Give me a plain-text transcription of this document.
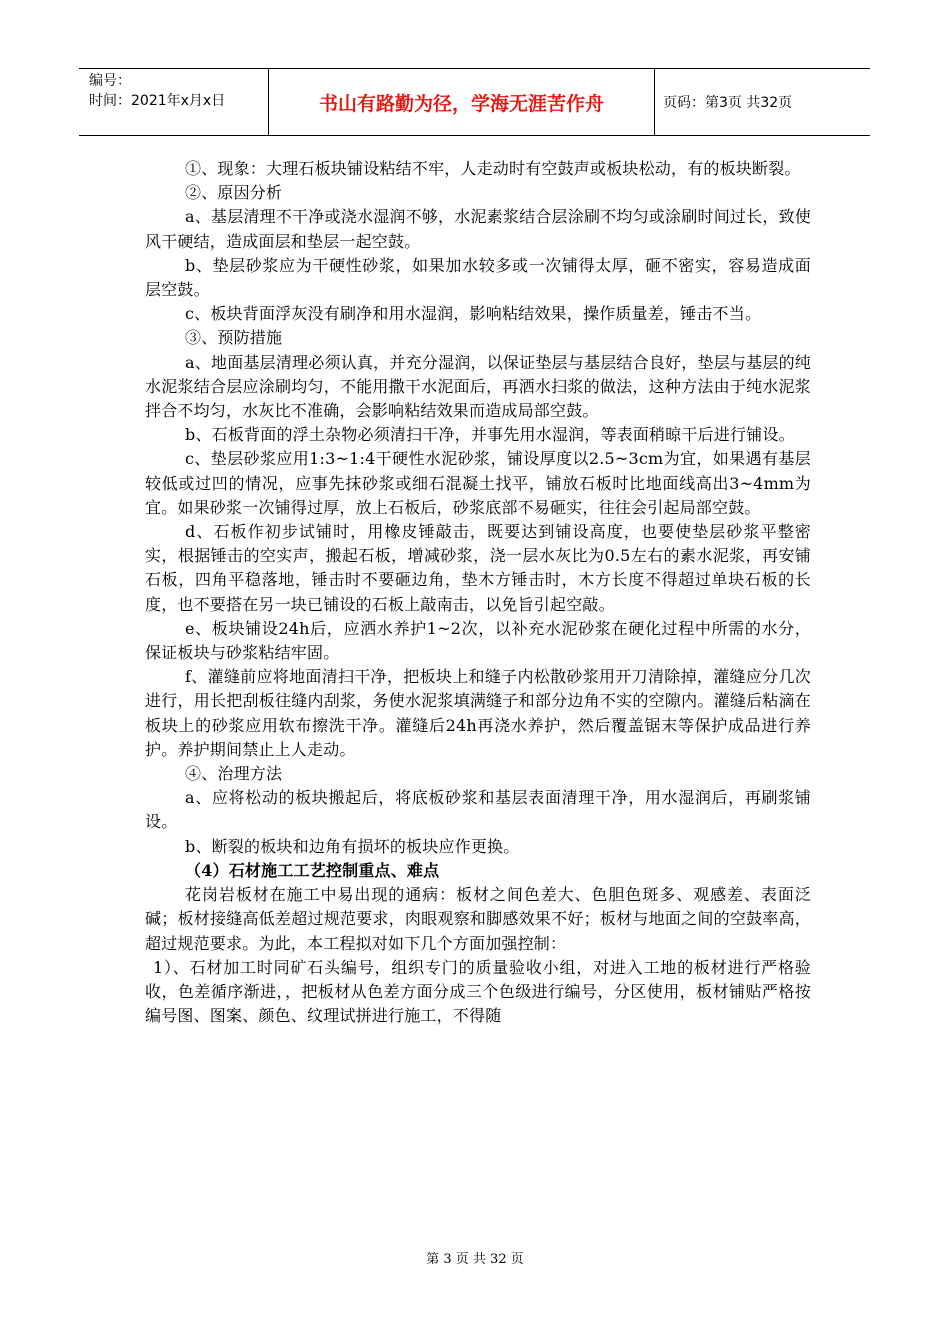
编号：
时间：2021年x月x日	书山有路勤为径，学海无涯苦作舟	页码：第3页 共32页

①、现象：大理石板块铺设粘结不牢，人走动时有空鼓声或板块松动，有的板块断裂。

②、原因分析

a、基层清理不干净或浇水湿润不够，水泥素浆结合层涂刷不均匀或涂刷时间过长，致使风干硬结，造成面层和垫层一起空鼓。

b、垫层砂浆应为干硬性砂浆，如果加水较多或一次铺得太厚，砸不密实，容易造成面层空鼓。

c、板块背面浮灰没有刷净和用水湿润，影响粘结效果，操作质量差，锤击不当。

③、预防措施

a、地面基层清理必须认真，并充分湿润，以保证垫层与基层结合良好，垫层与基层的纯水泥浆结合层应涂刷均匀，不能用撒干水泥面后，再洒水扫浆的做法，这种方法由于纯水泥浆拌合不均匀，水灰比不准确，会影响粘结效果而造成局部空鼓。

b、石板背面的浮土杂物必须清扫干净，并事先用水湿润，等表面稍晾干后进行铺设。

c、垫层砂浆应用1:3~1:4干硬性水泥砂浆，铺设厚度以2.5~3cm为宜，如果遇有基层较低或过凹的情况，应事先抹砂浆或细石混凝土找平，铺放石板时比地面线高出3~4mm为宜。如果砂浆一次铺得过厚，放上石板后，砂浆底部不易砸实，往往会引起局部空鼓。

d、石板作初步试铺时，用橡皮锤敲击，既要达到铺设高度，也要使垫层砂浆平整密实，根据锤击的空实声，搬起石板，增减砂浆，浇一层水灰比为0.5左右的素水泥浆，再安铺石板，四角平稳落地，锤击时不要砸边角，垫木方锤击时，木方长度不得超过单块石板的长度，也不要搭在另一块已铺设的石板上敲南击，以免旨引起空敲。

e、板块铺设24h后，应洒水养护1~2次，以补充水泥砂浆在硬化过程中所需的水分，保证板块与砂浆粘结牢固。

f、灌缝前应将地面清扫干净，把板块上和缝子内松散砂浆用开刀清除掉，灌缝应分几次进行，用长把刮板往缝内刮浆，务使水泥浆填满缝子和部分边角不实的空隙内。灌缝后粘滴在板块上的砂浆应用软布擦洗干净。灌缝后24h再浇水养护，然后覆盖锯末等保护成品进行养护。养护期间禁止上人走动。

④、治理方法

a、应将松动的板块搬起后，将底板砂浆和基层表面清理干净，用水湿润后，再刷浆铺设。

b、断裂的板块和边角有损坏的板块应作更换。

（4）石材施工工艺控制重点、难点

花岗岩板材在施工中易出现的通病：板材之间色差大、色胆色斑多、观感差、表面泛碱；板材接缝高低差超过规范要求，肉眼观察和脚感效果不好；板材与地面之间的空鼓率高，超过规范要求。为此，本工程拟对如下几个方面加强控制：

1）、石材加工时同矿石头编号，组织专门的质量验收小组，对进入工地的板材进行严格验收，色差循序渐进，，把板材从色差方面分成三个色级进行编号，分区使用，板材铺贴严格按编号图、图案、颜色、纹理试拼进行施工，不得随

第 3 页 共 32 页
